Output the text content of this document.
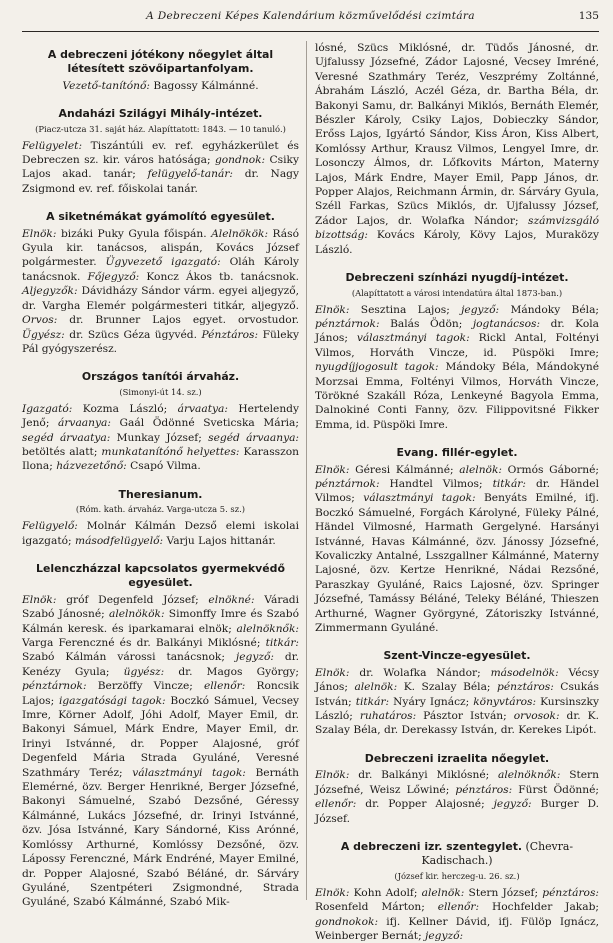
A Debreczeni Képes Kalendárium közművelődési czimtára	135
A debreczeni jótékony nőegylet által
létesített szövőipartanfolyam.

Vezető-tanítónő: Bagossy Kálmánné.

Andaházi Szilágyi Mihály-intézet.
(Piacz-utcza 31. saját ház. Alapíttatott: 1843. — 10 tanuló.)

Felügyelet: Tiszántúli ev. ref. egyházkerület és Debreczen sz. kir. város hatósága; gondnok: Csiky Lajos akad. tanár; felügyelő-tanár: dr. Nagy Zsigmond ev. ref. főiskolai tanár.

A siketnémákat gyámolító egyesület.

Elnök: bizáki Puky Gyula főispán. Alelnökök: Rásó Gyula kir. tanácsos, alispán, Kovács József polgármester. Ügyvezető igazgató: Oláh Károly tanácsnok. Főjegyző: Koncz Ákos tb. tanácsnok. Aljegyzők: Dávidházy Sándor várm. egyei aljegyző, dr. Vargha Elemér polgármesteri titkár, aljegyző. Orvos: dr. Brunner Lajos egyet. orvostudor. Ügyész: dr. Szücs Géza ügyvéd. Pénztáros: Füleky Pál gyógyszerész.

Országos tanítói árvaház.
(Simonyi-út 14. sz.)

Igazgató: Kozma László; árvaatya: Hertelendy Jenő; árvaanya: Gaál Ödönné Sveticska Mária; segéd árvaatya: Munkay József; segéd árvaanya: betöltés alatt; munkatanítónő helyettes: Karasszon Ilona; házvezetőnő: Csapó Vilma.

Theresianum.
(Róm. kath. árvaház. Varga-utcza 5. sz.)

Felügyelő: Molnár Kálmán Dezső elemi iskolai igazgató; másodfelügyelő: Varju Lajos hittanár.

Lelenczházzal kapcsolatos gyermekvédő
egyesület.

Elnök: gróf Degenfeld József; elnökné: Váradi Szabó Jánosné; alelnökök: Simonffy Imre és Szabó Kálmán keresk. és iparkamarai elnök; alelnöknők: Varga Ferenczné és dr. Balkányi Miklósné; titkár: Szabó Kálmán várossi tanácsnok; jegyző: dr. Kenézy Gyula; ügyész: dr. Magos György; pénztárnok: Berzöffy Vincze; ellenőr: Roncsik Lajos; igazgatósági tagok: Boczkó Sámuel, Vecsey Imre, Körner Adolf, Jóhi Adolf, Mayer Emil, dr. Bakonyi Sámuel, Márk Endre, Mayer Emil, dr. Irinyi Istvánné, dr. Popper Alajosné, gróf Degenfeld Mária Strada Gyuláné, Veresné Szathmáry Teréz; választmányi tagok: Bernáth Elemérné, özv. Berger Henrikné, Berger Józsefné, Bakonyi Sámuelné, Szabó Dezsőné, Géressy Kálmánné, Lukács Józsefné, dr. Irinyi Istvánné, özv. Jósa Istvánné, Kary Sándorné, Kiss Arónné, Komlóssy Arthurné, Komlóssy Dezsőné, özv. Lápossy Ferenczné, Márk Endréné, Mayer Emilné, dr. Popper Alajosné, Szabó Béláné, dr. Sárváry Gyuláné, Szentpéteri Zsigmondné, Strada Gyuláné, Szabó Kálmánné, Szabó Mik-

lósné, Szücs Miklósné, dr. Tüdős Jánosné, dr. Ujfalussy Józsefné, Zádor Lajosné, Vecsey Imréné, Veresné Szathmáry Teréz, Veszprémy Zoltánné, Ábrahám László, Aczél Géza, dr. Bartha Béla, dr. Bakonyi Samu, dr. Balkányi Miklós, Bernáth Elemér, Bészler Károly, Csiky Lajos, Dobieczky Sándor, Erőss Lajos, Igyártó Sándor, Kiss Áron, Kiss Albert, Komlóssy Arthur, Krausz Vilmos, Lengyel Imre, dr. Losonczy Álmos, dr. Lőfkovits Márton, Materny Lajos, Márk Endre, Mayer Emil, Papp János, dr. Popper Alajos, Reichmann Ármin, dr. Sárváry Gyula, Széll Farkas, Szücs Miklós, dr. Ujfalussy József, Zádor Lajos, dr. Wolafka Nándor; számvizsgáló bizottság: Kovács Károly, Kövy Lajos, Muraközy László.

Debreczeni színházi nyugdíj-intézet.
(Alapíttatott a városi intendatúra által 1873-ban.)

Elnök: Sesztina Lajos; jegyző: Mándoky Béla; pénztárnok: Balás Ödön; jogtanácsos: dr. Kola János; választmányi tagok: Rickl Antal, Foltényi Vilmos, Horváth Vincze, id. Püspöki Imre; nyugdíjjogosult tagok: Mándoky Béla, Mándokyné Morzsai Emma, Foltényi Vilmos, Horváth Vincze, Törökné Szakáll Róza, Lenkeyné Bagyola Emma, Dalnokiné Conti Fanny, özv. Filippovitsné Fikker Emma, id. Püspöki Imre.

Evang. fillér-egylet.

Elnök: Géresi Kálmánné; alelnök: Ormós Gáborné; pénztárnok: Handtel Vilmos; titkár: dr. Händel Vilmos; választmányi tagok: Benyáts Emilné, ifj. Boczkó Sámuelné, Forgách Károlyné, Füleky Pálné, Händel Vilmosné, Harmath Gergelyné. Harsányi Istvánné, Havas Kálmánné, özv. Jánossy Józsefné, Kovaliczky Antalné, Lsszgallner Kálmánné, Materny Lajosné, özv. Kertze Henrikné, Nádai Rezsőné, Paraszkay Gyuláné, Raics Lajosné, özv. Springer Józsefné, Tamássy Béláné, Teleky Béláné, Thieszen Arthurné, Wagner Györgyné, Zátoriszky Istvánné, Zimmermann Gyuláné.

Szent-Vincze-egyesület.

Elnök: dr. Wolafka Nándor; másodelnök: Vécsy János; alelnök: K. Szalay Béla; pénztáros: Csukás István; titkár: Nyáry Ignácz; könyvtáros: Kursinszky László; ruhatáros: Pásztor István; orvosok: dr. K. Szalay Béla, dr. Derekassy István, dr. Kerekes Lipót.

Debreczeni izraelita nőegylet.

Elnök: dr. Balkányi Miklósné; alelnöknők: Stern Józsefné, Weisz Lőwiné; pénztáros: Fürst Ödönné; ellenőr: dr. Popper Alajosné; jegyző: Burger D. József.

A debreczeni izr. szentegylet. (Chevra-
Kadischach.)
(József kir. herczeg-u. 26. sz.)

Elnök: Kohn Adolf; alelnök: Stern József; pénztáros: Rosenfeld Márton; ellenőr: Hochfelder Jakab; gondnokok: ifj. Kellner Dávid, ifj. Fülöp Ignácz, Weinberger Bernát; jegyző:
